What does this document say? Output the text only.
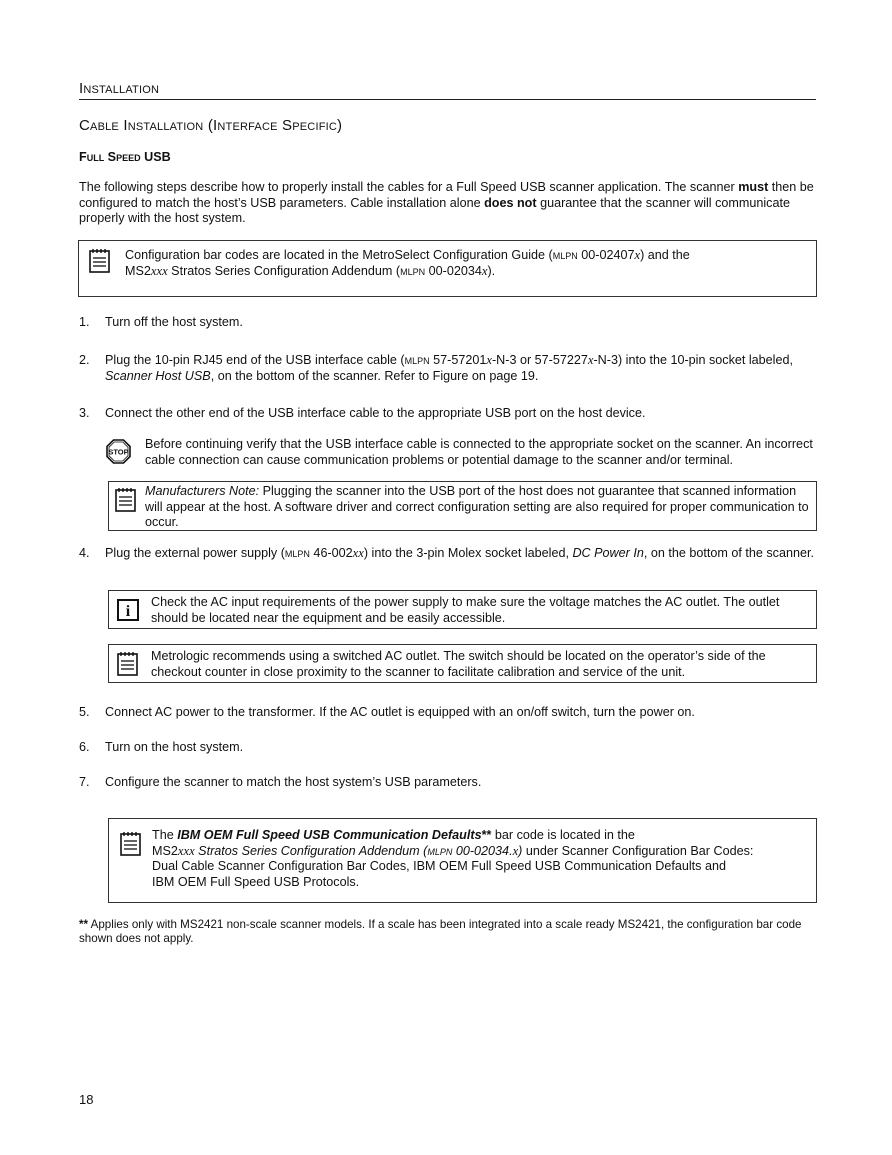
Installation
Cable Installation (Interface Specific)
Full Speed USB

The following steps describe how to properly install the cables for a Full Speed USB scanner application. The scanner must then be configured to match the host’s USB parameters. Cable installation alone does not guarantee that the scanner will communicate properly with the host system.

Configuration bar codes are located in the MetroSelect Configuration Guide (mlpn 00-02407x) and the
MS2xxx Stratos Series Configuration Addendum (mlpn 00-02034x).
1. Turn off the host system.
2. Plug the 10-pin RJ45 end of the USB interface cable (mlpn 57-57201x-N-3 or 57-57227x-N-3) into the 10-pin socket labeled, Scanner Host USB, on the bottom of the scanner. Refer to Figure on page 19.
3. Connect the other end of the USB interface cable to the appropriate USB port on the host device.
STOP
Before continuing verify that the USB interface cable is connected to the appropriate socket on the scanner. An incorrect cable connection can cause communication problems or potential damage to the scanner and/or terminal.
Manufacturers Note: Plugging the scanner into the USB port of the host does not guarantee that scanned information will appear at the host. A software driver and correct configuration setting are also required for proper communication to occur.
4. Plug the external power supply (mlpn 46-002xx) into the 3-pin Molex socket labeled, DC Power In, on the bottom of the scanner.
i
Check the AC input requirements of the power supply to make sure the voltage matches the AC outlet. The outlet should be located near the equipment and be easily accessible.
Metrologic recommends using a switched AC outlet. The switch should be located on the operator’s side of the checkout counter in close proximity to the scanner to facilitate calibration and service of the unit.
5. Connect AC power to the transformer. If the AC outlet is equipped with an on/off switch, turn the power on.
6. Turn on the host system.
7. Configure the scanner to match the host system’s USB parameters.
The IBM OEM Full Speed USB Communication Defaults** bar code is located in the
MS2xxx Stratos Series Configuration Addendum (mlpn 00-02034.x) under Scanner Configuration Bar Codes:
Dual Cable Scanner Configuration Bar Codes, IBM OEM Full Speed USB Communication Defaults and
IBM OEM Full Speed USB Protocols.
** Applies only with MS2421 non-scale scanner models. If a scale has been integrated into a scale ready MS2421, the configuration bar code shown does not apply.
18
